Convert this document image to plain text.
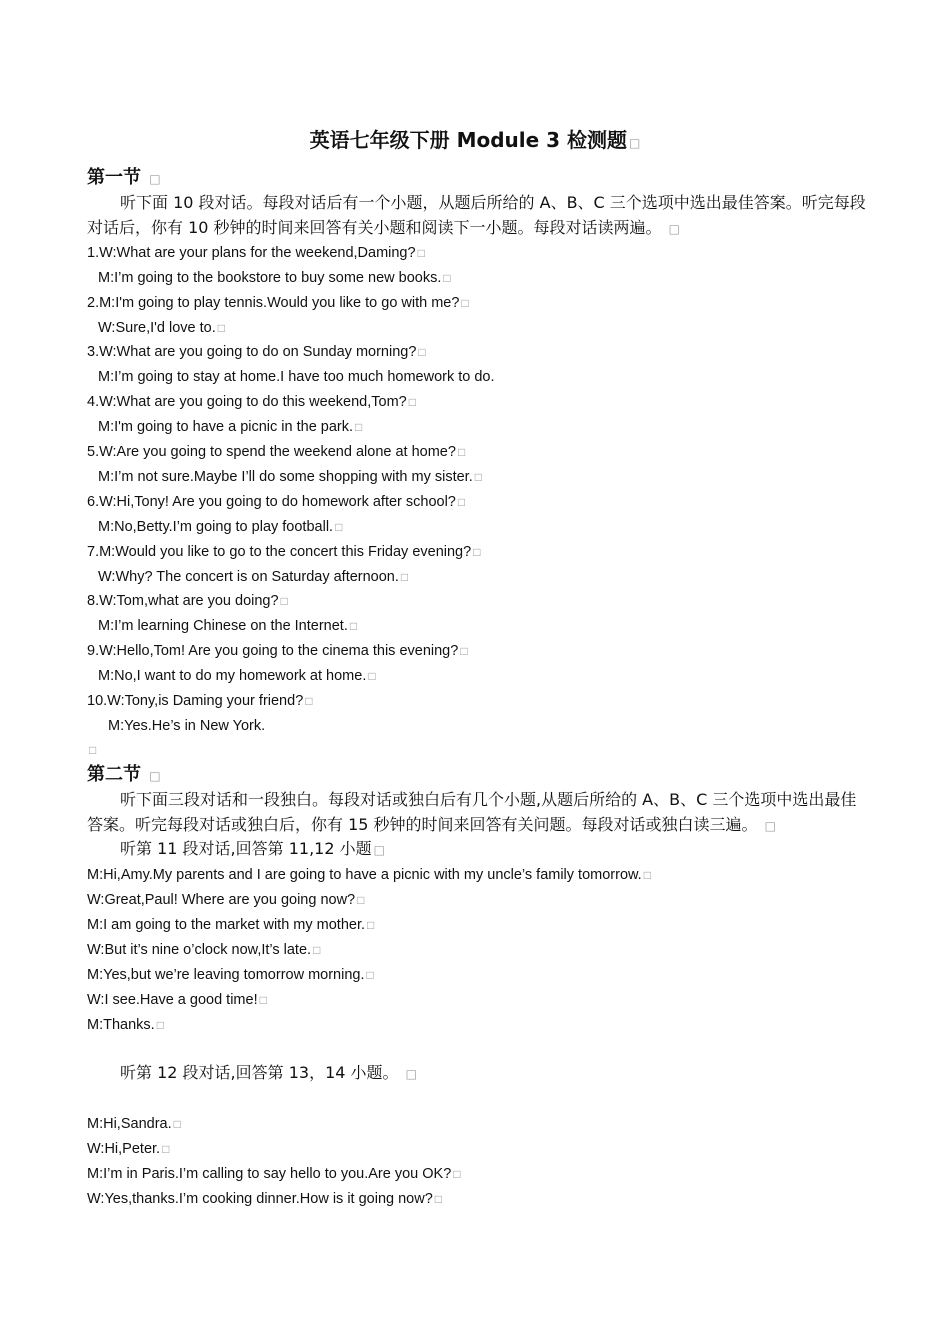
英语七年级下册 Module 3 检测题 □
第一节 □
听下面 10 段对话。每段对话后有一个小题，从题后所给的 A、B、C 三个选项中选出最佳答案。听完每段对话后，你有 10 秒钟的时间来回答有关小题和阅读下一小题。每段对话读两遍。 □
1.W:What are your plans for the weekend,Daming? □
M:I’m going to the bookstore to buy some new books. □
2.M:I'm going to play tennis.Would you like to go with me? □
W:Sure,I'd love to. □
3.W:What are you going to do on Sunday morning? □
M:I’m going to stay at home.I have too much homework to do.
4.W:What are you going to do this weekend,Tom? □
M:I'm going to have a picnic in the park. □
5.W:Are you going to spend the weekend alone at home? □
M:I’m not sure.Maybe I’ll do some shopping with my sister. □
6.W:Hi,Tony! Are you going to do homework after school? □
M:No,Betty.I’m going to play football. □
7.M:Would you like to go to the concert this Friday evening? □
W:Why? The concert is on Saturday afternoon. □
8.W:Tom,what are you doing? □
M:I’m learning Chinese on the Internet. □
9.W:Hello,Tom! Are you going to the cinema this evening? □
M:No,I want to do my homework at home. □
10.W:Tony,is Daming your friend? □
M:Yes.He’s in New York.
□
第二节 □
听下面三段对话和一段独白。每段对话或独白后有几个小题,从题后所给的 A、B、C 三个选项中选出最佳答案。听完每段对话或独白后，你有 15 秒钟的时间来回答有关问题。每段对话或独白读三遍。 □
听第 11 段对话,回答第 11,12 小题 □
M:Hi,Amy.My parents and I are going to have a picnic with my uncle’s family tomorrow. □
W:Great,Paul! Where are you going now? □
M:I am going to the market with my mother. □
W:But it’s nine o’clock now,It’s late. □
M:Yes,but we’re leaving tomorrow morning. □
W:I see.Have a good time! □
M:Thanks. □
听第 12 段对话,回答第 13，14 小题。 □
M:Hi,Sandra. □
W:Hi,Peter. □
M:I’m in Paris.I’m calling to say hello to you.Are you OK? □
W:Yes,thanks.I’m cooking dinner.How is it going now? □
